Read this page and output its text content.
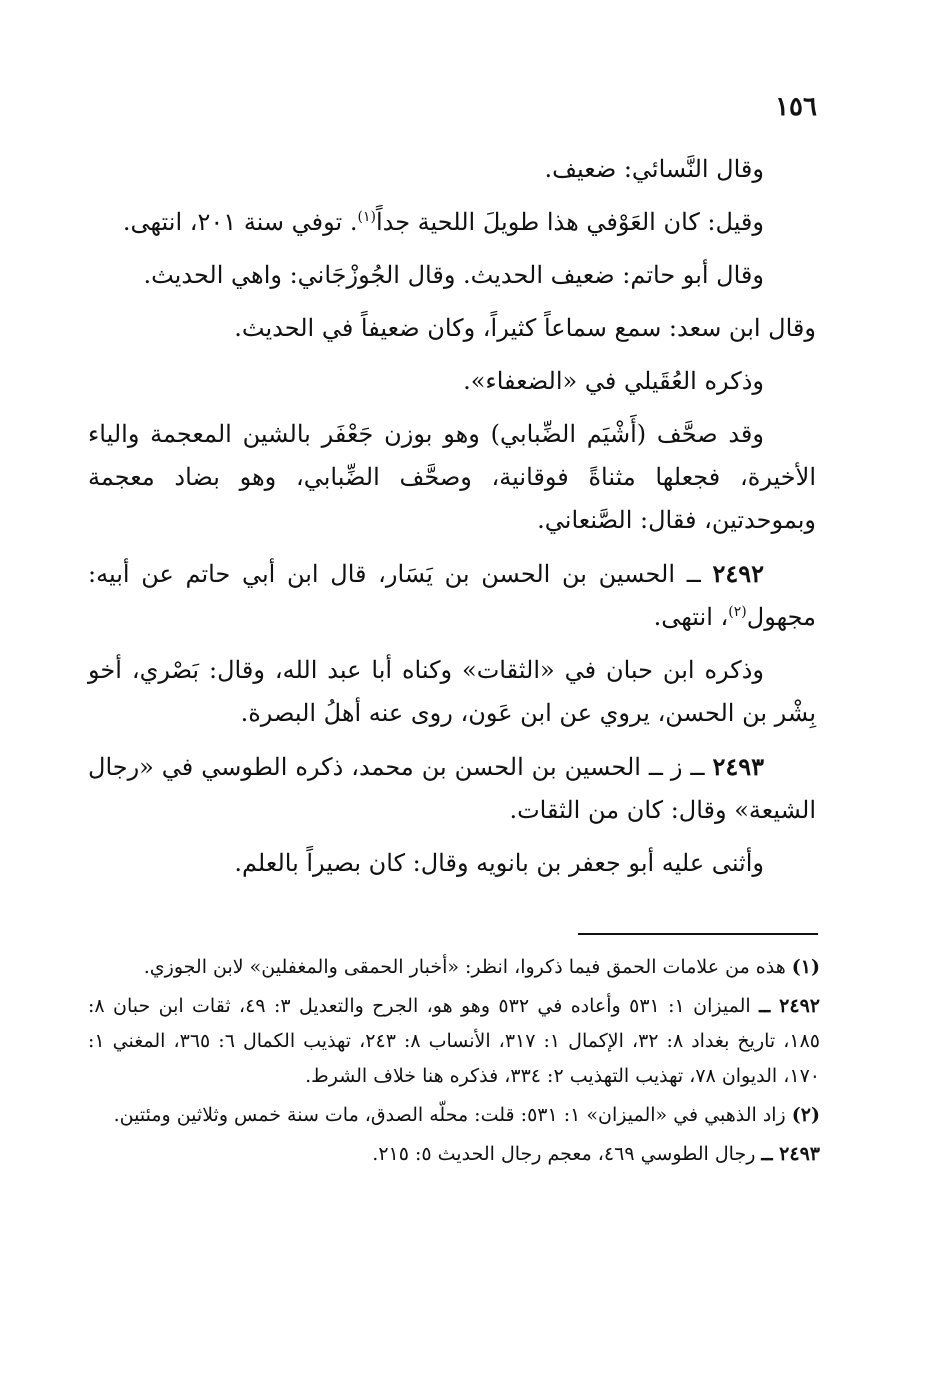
١٥٦

وقال النَّسائي: ضعيف.

وقيل: كان العَوْفي هذا طويلَ اللحية جداً$^{(١)}$. توفي سنة ٢٠١، انتهى.

وقال أبو حاتم: ضعيف الحديث. وقال الجُوزْجَاني: واهي الحديث.

وقال ابن سعد: سمع سماعاً كثيراً، وكان ضعيفاً في الحديث.

وذكره العُقَيلي في «الضعفاء».

وقد صحَّف (أَشْيَم الضِّبابي) وهو بوزن جَعْفَر بالشين المعجمة والياء الأخيرة، فجعلها مثناةً فوقانية، وصحَّف الضِّبابي، وهو بضاد معجمة وبموحدتين، فقال: الصَّنعاني.

٢٤٩٢ ــ الحسين بن الحسن بن يَسَار، قال ابن أبي حاتم عن أبيه: مجهول$^{(٢)}$، انتهى.

وذكره ابن حبان في «الثقات» وكناه أبا عبد الله، وقال: بَصْري، أخو بِشْر بن الحسن، يروي عن ابن عَون، روى عنه أهلُ البصرة.

٢٤٩٣ ــ ز ــ الحسين بن الحسن بن محمد، ذكره الطوسي في «رجال الشيعة» وقال: كان من الثقات.

وأثنى عليه أبو جعفر بن بانويه وقال: كان بصيراً بالعلم.

(١) هذه من علامات الحمق فيما ذكروا، انظر: «أخبار الحمقى والمغفلين» لابن الجوزي.
٢٤٩٢ ــ الميزان ١: ٥٣١ وأعاده في ٥٣٢ وهو هو، الجرح والتعديل ٣: ٤٩، ثقات ابن حبان ٨: ١٨٥، تاريخ بغداد ٨: ٣٢، الإكمال ١: ٣١٧، الأنساب ٨: ٢٤٣، تهذيب الكمال ٦: ٣٦٥، المغني ١: ١٧٠، الديوان ٧٨، تهذيب التهذيب ٢: ٣٣٤، فذكره هنا خلاف الشرط.
(٢) زاد الذهبي في «الميزان» ١: ٥٣١: قلت: محلّه الصدق، مات سنة خمس وثلاثين ومئتين.
٢٤٩٣ ــ رجال الطوسي ٤٦٩، معجم رجال الحديث ٥: ٢١٥.
